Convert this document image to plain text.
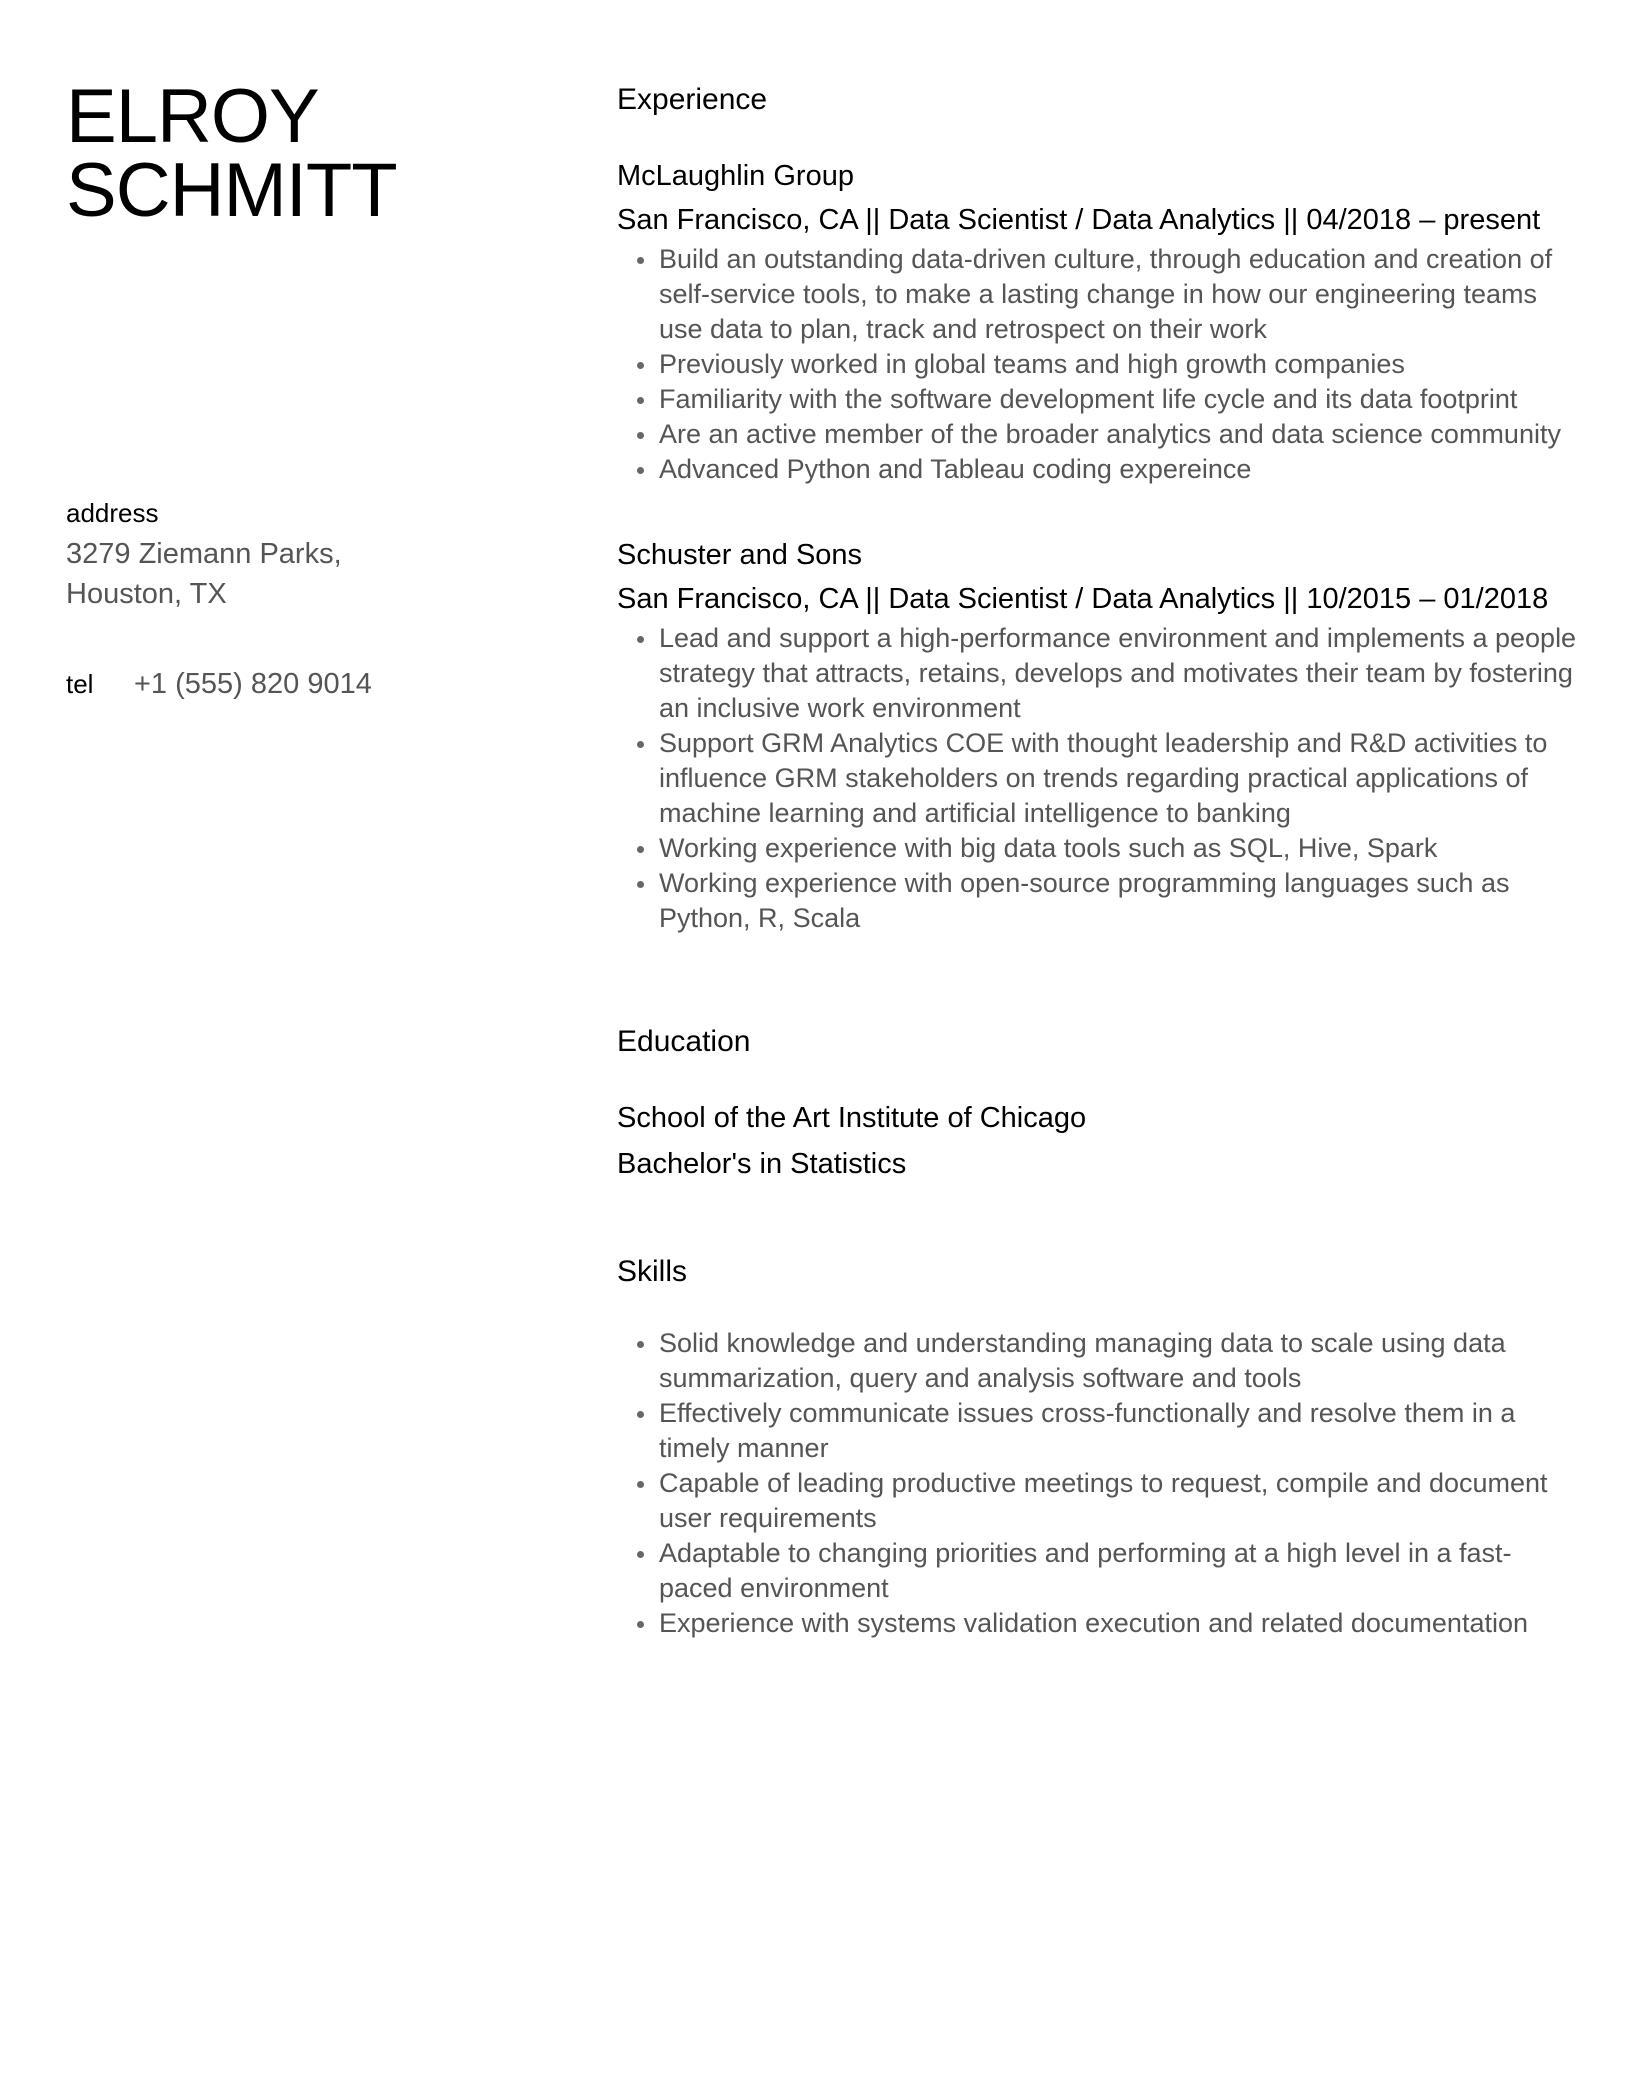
ELROY
SCHMITT
address
3279 Ziemann Parks,
Houston, TX
tel	+1 (555) 820 9014
Experience
McLaughlin Group
San Francisco, CA || Data Scientist / Data Analytics || 04/2018 – present
Build an outstanding data-driven culture, through education and creation of self-service tools, to make a lasting change in how our engineering teams use data to plan, track and retrospect on their work
Previously worked in global teams and high growth companies
Familiarity with the software development life cycle and its data footprint
Are an active member of the broader analytics and data science community
Advanced Python and Tableau coding expereince
Schuster and Sons
San Francisco, CA || Data Scientist / Data Analytics || 10/2015 – 01/2018
Lead and support a high-performance environment and implements a people strategy that attracts, retains, develops and motivates their team by fostering an inclusive work environment
Support GRM Analytics COE with thought leadership and R&D activities to influence GRM stakeholders on trends regarding practical applications of machine learning and artificial intelligence to banking
Working experience with big data tools such as SQL, Hive, Spark
Working experience with open-source programming languages such as Python, R, Scala
Education
School of the Art Institute of Chicago
Bachelor's in Statistics
Skills
Solid knowledge and understanding managing data to scale using data summarization, query and analysis software and tools
Effectively communicate issues cross-functionally and resolve them in a timely manner
Capable of leading productive meetings to request, compile and document user requirements
Adaptable to changing priorities and performing at a high level in a fast-paced environment
Experience with systems validation execution and related documentation
